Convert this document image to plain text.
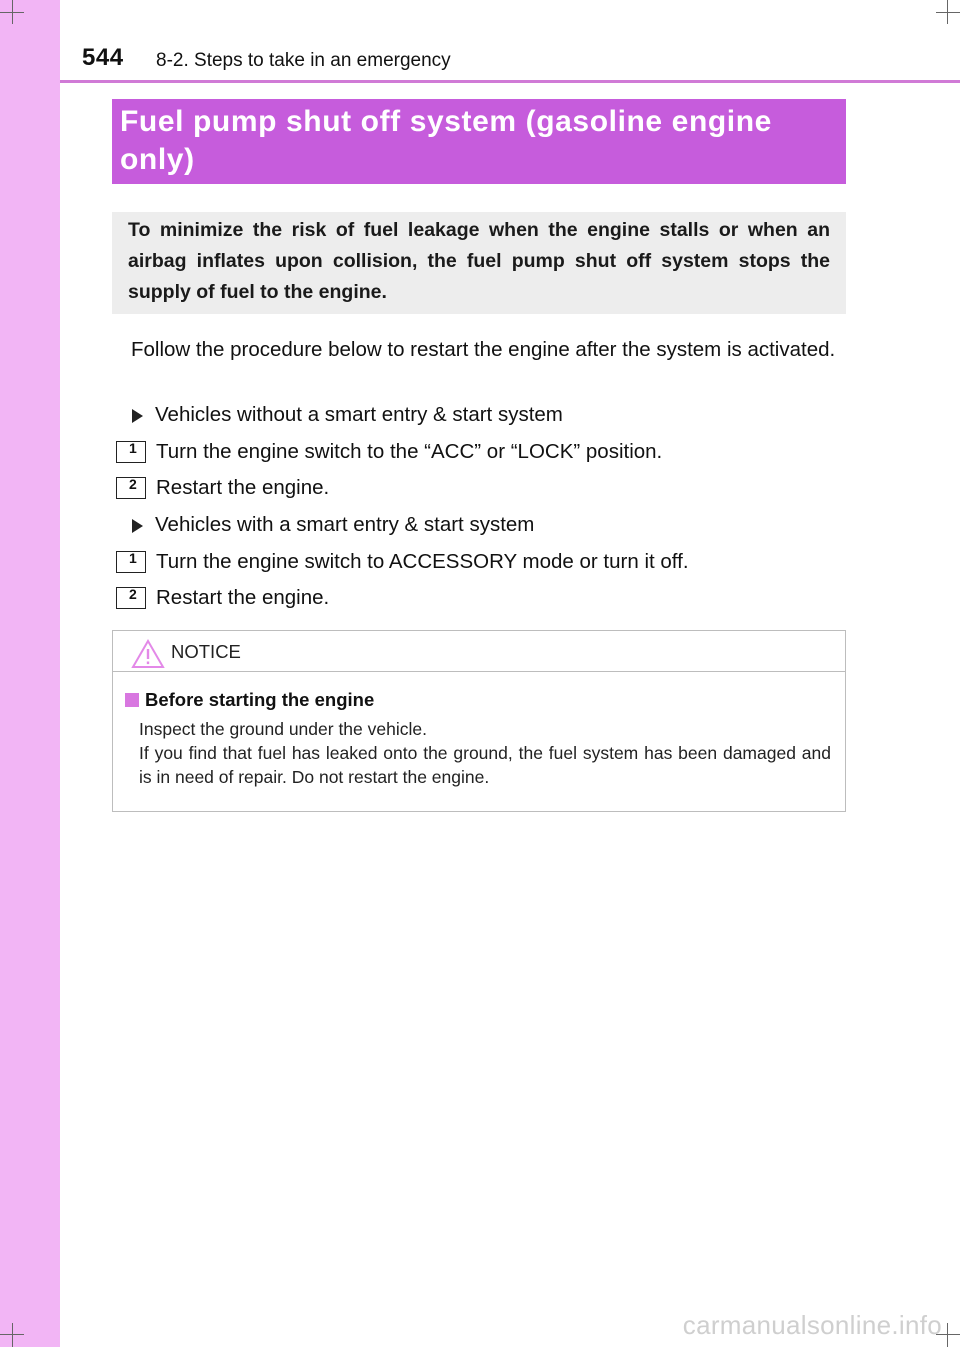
544 8-2. Steps to take in an emergency
Fuel pump shut off system (gasoline engine only)

To minimize the risk of fuel leakage when the engine stalls or when an airbag inflates upon collision, the fuel pump shut off system stops the supply of fuel to the engine.

Follow the procedure below to restart the engine after the system is activated.

Vehicles without a smart entry & start system
1 Turn the engine switch to the “ACC” or “LOCK” position.
2 Restart the engine.
Vehicles with a smart entry & start system
1 Turn the engine switch to ACCESSORY mode or turn it off.
2 Restart the engine.
NOTICE
Before starting the engine

Inspect the ground under the vehicle.

If you find that fuel has leaked onto the ground, the fuel system has been damaged and is in need of repair. Do not restart the engine.

carmanualsonline.info
